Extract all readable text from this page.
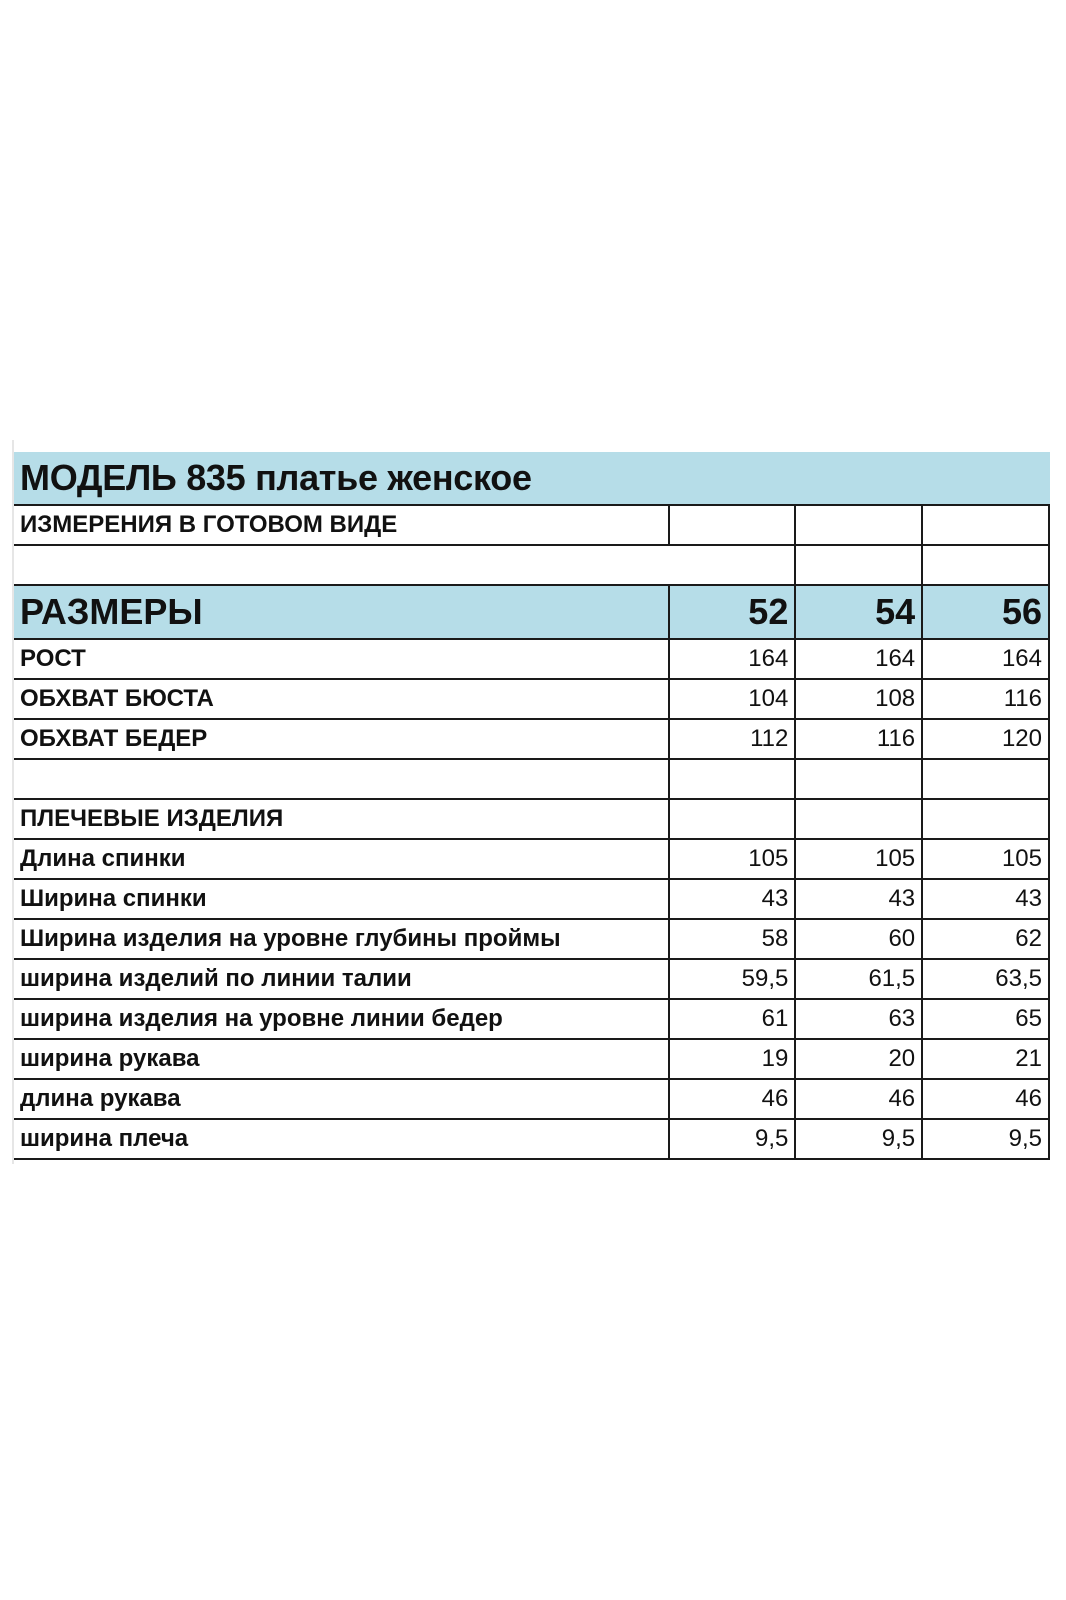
МОДЕЛЬ 835 платье женское			
ИЗМЕРЕНИЯ В ГОТОВОМ ВИДЕ			

РАЗМЕРЫ	52	54	56
РОСТ	164	164	164
ОБХВАТ БЮСТА	104	108	116
ОБХВАТ БЕДЕР	112	116	120

ПЛЕЧЕВЫЕ ИЗДЕЛИЯ			
Длина спинки	105	105	105
Ширина спинки	43	43	43
Ширина изделия на уровне глубины проймы	58	60	62
ширина изделий по линии талии	59,5	61,5	63,5
ширина изделия на уровне линии бедер	61	63	65
ширина рукава	19	20	21
длина рукава	46	46	46
ширина плеча	9,5	9,5	9,5
